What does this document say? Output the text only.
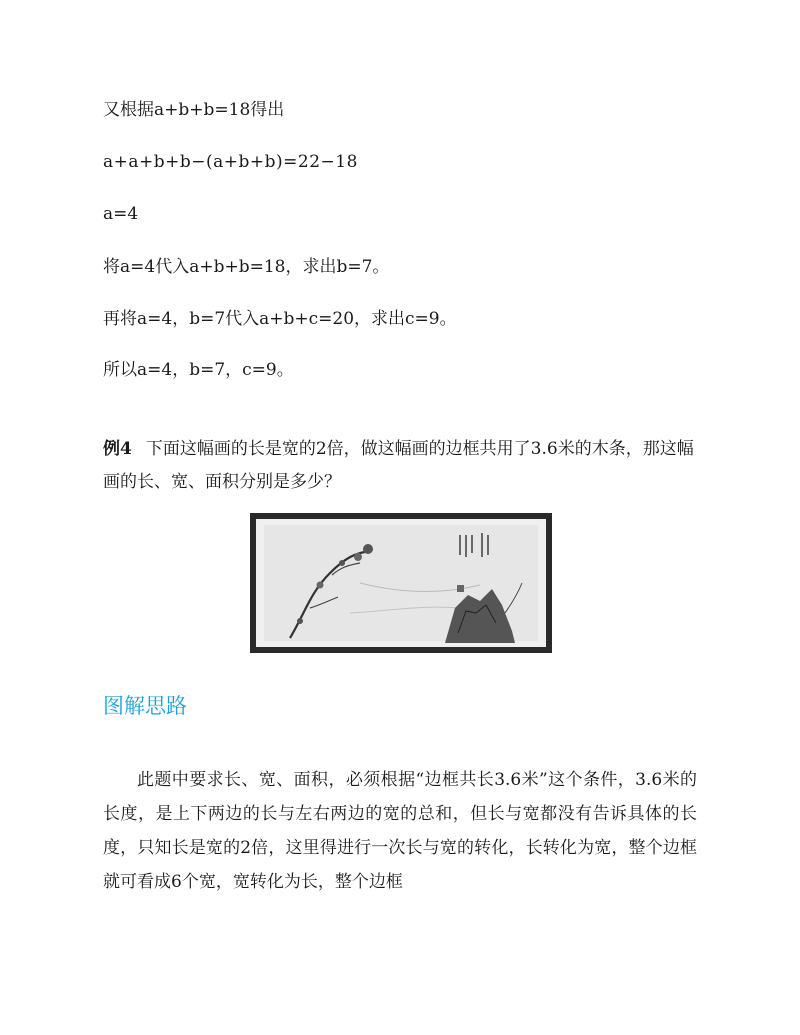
又根据a+b+b=18得出
a+a+b+b−(a+b+b)=22−18
a=4
将a=4代入a+b+b=18，求出b=7。
再将a=4，b=7代入a+b+c=20，求出c=9。
所以a=4，b=7，c=9。
例4 下面这幅画的长是宽的2倍，做这幅画的边框共用了3.6米的木条，那这幅画的长、宽、面积分别是多少？
图解思路
此题中要求长、宽、面积，必须根据“边框共长3.6米”这个条件，3.6米的长度，是上下两边的长与左右两边的宽的总和，但长与宽都没有告诉具体的长度，只知长是宽的2倍，这里得进行一次长与宽的转化，长转化为宽，整个边框就可看成6个宽，宽转化为长，整个边框
